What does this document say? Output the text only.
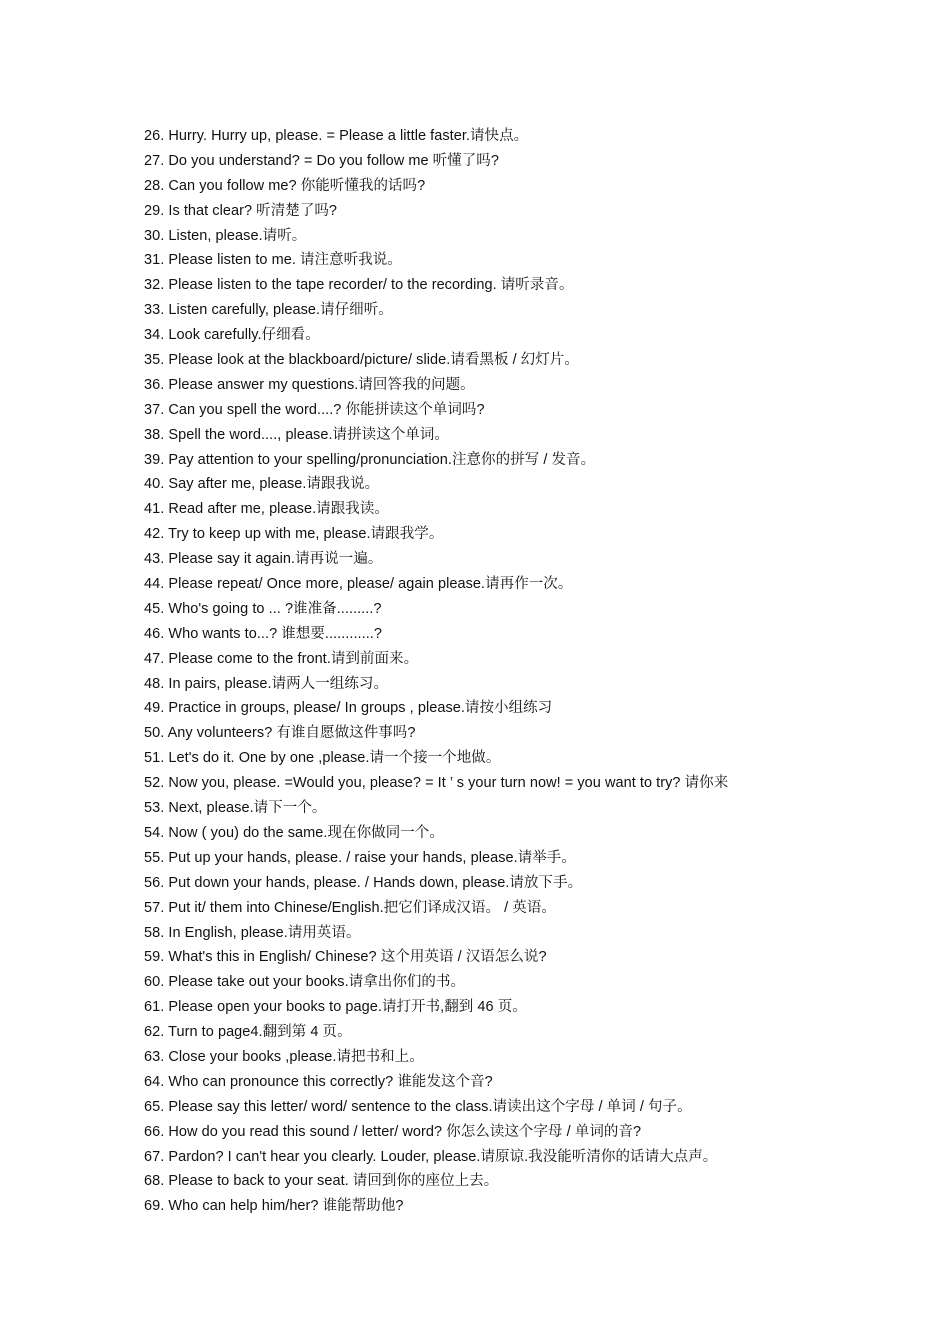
26. Hurry. Hurry up, please. = Please a little faster.请快点。
27. Do you understand? = Do you follow me 听懂了吗?
28. Can you follow me? 你能听懂我的话吗?
29. Is that clear? 听清楚了吗?
30. Listen, please.请听。
31. Please listen to me. 请注意听我说。
32. Please listen to the tape recorder/ to the recording. 请听录音。
33. Listen carefully, please.请仔细听。
34. Look carefully.仔细看。
35. Please look at the blackboard/picture/ slide.请看黑板 / 幻灯片。
36. Please answer my questions.请回答我的问题。
37. Can you spell the word....? 你能拼读这个单词吗?
38. Spell the word...., please.请拼读这个单词。
39. Pay attention to your spelling/pronunciation.注意你的拼写 / 发音。
40. Say after me, please.请跟我说。
41. Read after me, please.请跟我读。
42. Try to keep up with me, please.请跟我学。
43. Please say it again.请再说一遍。
44. Please repeat/ Once more, please/ again please.请再作一次。
45. Who's going to ... ?谁准备.........?
46. Who wants to...? 谁想要............?
47. Please come to the front.请到前面来。
48. In pairs, please.请两人一组练习。
49. Practice in groups, please/ In groups , please.请按小组练习
50. Any volunteers? 有谁自愿做这件事吗?
51. Let's do it. One by one ,please.请一个接一个地做。
52. Now you, please. =Would you, please? = It ’ s your turn now! = you want to try? 请你来
53. Next, please.请下一个。
54. Now ( you) do the same.现在你做同一个。
55. Put up your hands, please. / raise your hands, please.请举手。
56. Put down your hands, please. / Hands down, please.请放下手。
57. Put it/ them into Chinese/English.把它们译成汉语。 / 英语。
58. In English, please.请用英语。
59. What's this in English/ Chinese? 这个用英语 / 汉语怎么说?
60. Please take out your books.请拿出你们的书。
61. Please open your books to page.请打开书,翻到 46 页。
62. Turn to page4.翻到第 4 页。
63. Close your books ,please.请把书和上。
64. Who can pronounce this correctly? 谁能发这个音?
65. Please say this letter/ word/ sentence to the class.请读出这个字母 / 单词 / 句子。
66. How do you read this sound / letter/ word? 你怎么读这个字母 / 单词的音?
67. Pardon? I can't hear you clearly. Louder, please.请原谅.我没能听清你的话请大点声。
68. Please to back to your seat. 请回到你的座位上去。
69. Who can help him/her? 谁能帮助他?
